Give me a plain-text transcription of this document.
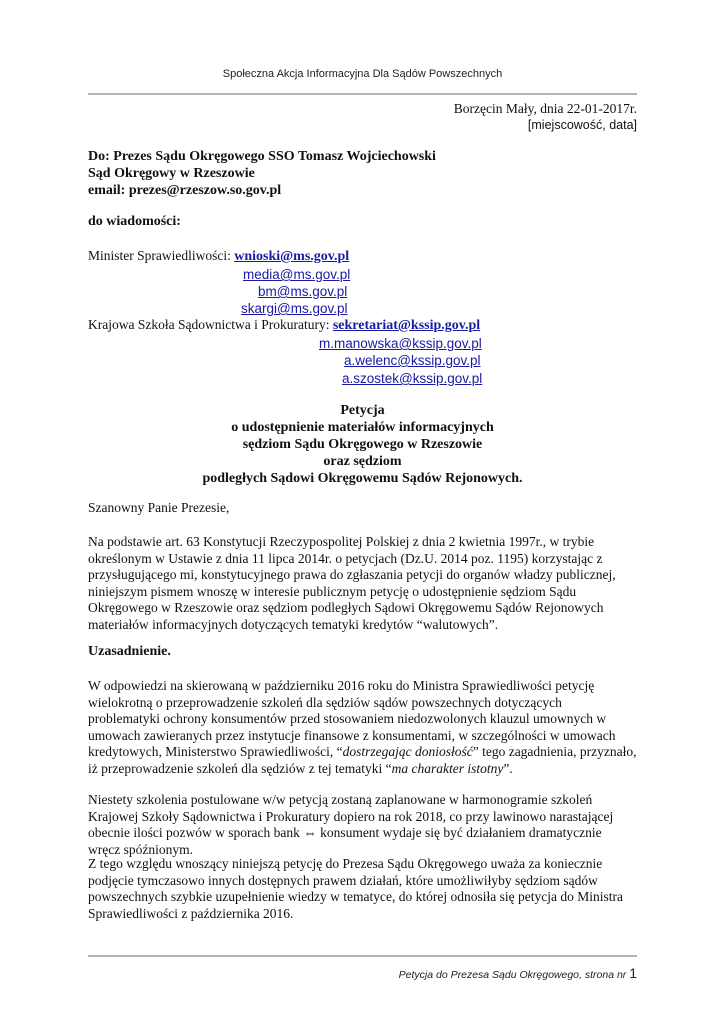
Społeczna Akcja Informacyjna Dla Sądów Powszechnych
Borzęcin Mały, dnia 22-01-2017r.
[miejscowość, data]
Do: Prezes Sądu Okręgowego SSO Tomasz Wojciechowski
Sąd Okręgowy w Rzeszowie
email: prezes@rzeszow.so.gov.pl
do wiadomości:
Minister Sprawiedliwości: wnioski@ms.gov.pl
media@ms.gov.pl
bm@ms.gov.pl
skargi@ms.gov.pl
Krajowa Szkoła Sądownictwa i Prokuratury: sekretariat@kssip.gov.pl
m.manowska@kssip.gov.pl
a.welenc@kssip.gov.pl
a.szostek@kssip.gov.pl
Petycja
o udostępnienie materiałów informacyjnych
sędziom Sądu Okręgowego w Rzeszowie
oraz sędziom
podległych Sądowi Okręgowemu Sądów Rejonowych.
Szanowny Panie Prezesie,
Na podstawie art. 63 Konstytucji Rzeczypospolitej Polskiej z dnia 2 kwietnia 1997r., w trybie określonym w Ustawie z dnia 11 lipca 2014r. o petycjach (Dz.U. 2014 poz. 1195) korzystając z przysługującego mi, konstytucyjnego prawa do zgłaszania petycji do organów władzy publicznej, niniejszym pismem wnoszę w interesie publicznym petycję o udostępnienie sędziom Sądu Okręgowego w Rzeszowie oraz sędziom podległych Sądowi Okręgowemu Sądów Rejonowych materiałów informacyjnych dotyczących tematyki kredytów “walutowych”.
Uzasadnienie.
W odpowiedzi na skierowaną w październiku 2016 roku do Ministra Sprawiedliwości petycję wielokrotną o przeprowadzenie szkoleń dla sędziów sądów powszechnych dotyczących problematyki ochrony konsumentów przed stosowaniem niedozwolonych klauzul umownych w umowach zawieranych przez instytucje finansowe z konsumentami, w szczególności w umowach kredytowych, Ministerstwo Sprawiedliwości, “dostrzegając doniosłość” tego zagadnienia, przyznało, iż przeprowadzenie szkoleń dla sędziów z tej tematyki “ma charakter istotny”.
Niestety szkolenia postulowane w/w petycją zostaną zaplanowane w harmonogramie szkoleń Krajowej Szkoły Sądownictwa i Prokuratury dopiero na rok 2018, co przy lawinowo narastającej obecnie ilości pozwów w sporach bank ⇔ konsument wydaje się być działaniem dramatycznie wręcz spóźnionym.
Z tego względu wnoszący niniejszą petycję do Prezesa Sądu Okręgowego uważa za koniecznie podjęcie tymczasowo innych dostępnych prawem działań, które umożliwiłyby sędziom sądów powszechnych szybkie uzupełnienie wiedzy w tematyce, do której odnosiła się petycja do Ministra Sprawiedliwości z października 2016.
Petycja do Prezesa Sądu Okręgowego, strona nr 1
